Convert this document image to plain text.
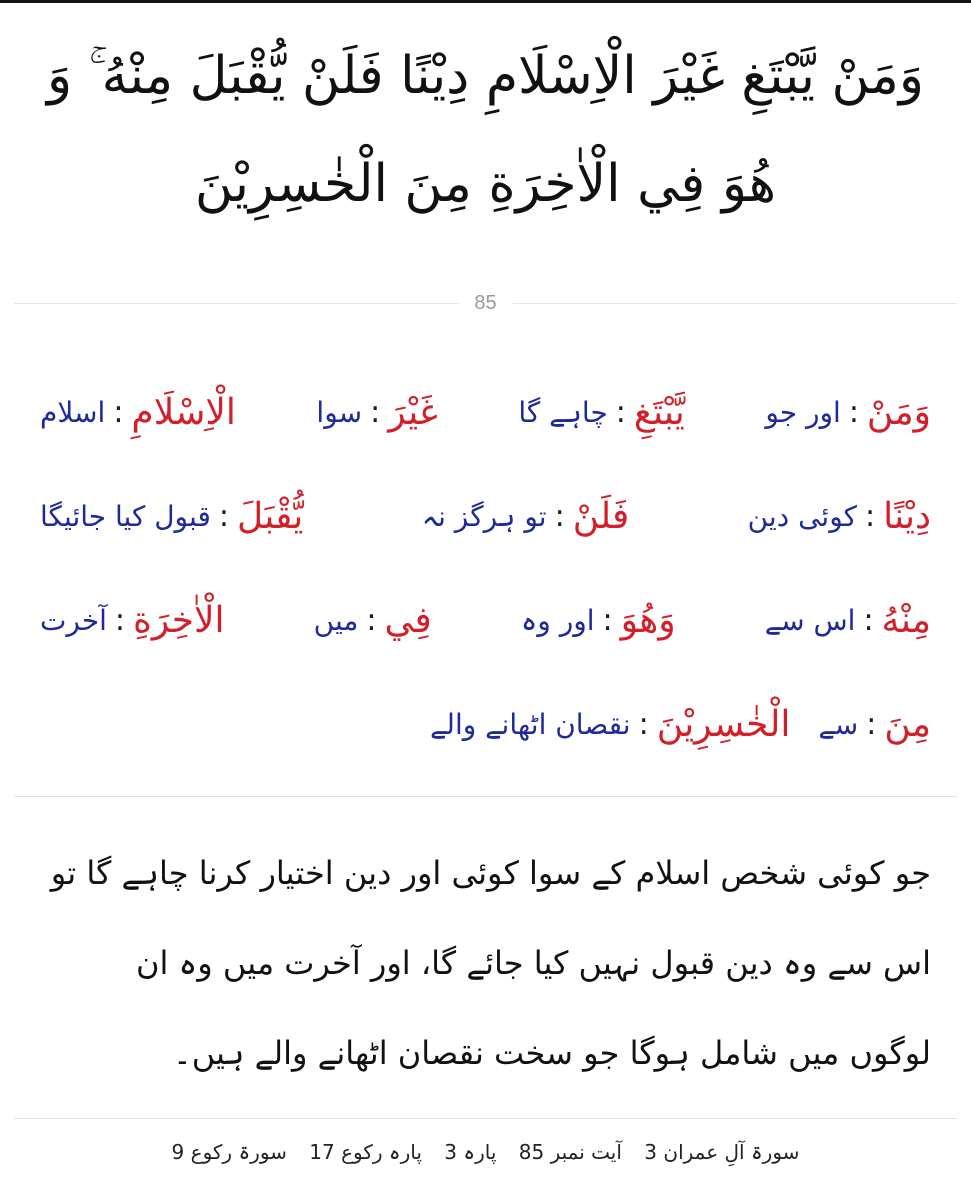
وَمَنْ يَّبْتَغِ غَيْرَ الْاِسْلَامِ دِيْنًا فَلَنْ يُّقْبَلَ مِنْهُ ۚ وَ
هُوَ فِي الْاٰخِرَةِ مِنَ الْخٰسِرِيْنَ
85
وَمَنْ
:
اور جو
يَّبْتَغِ
:
چاہے گا
غَيْرَ
:
سوا
الْاِسْلَامِ
:
اسلام
دِيْنًا
:
کوئی دین
فَلَنْ
:
تو ہرگز نہ
يُّقْبَلَ
:
قبول کیا جائیگا
مِنْهُ
:
اس سے
وَهُوَ
:
اور وہ
فِي
:
میں
الْاٰخِرَةِ
:
آخرت
مِنَ
:
سے
الْخٰسِرِيْنَ
:
نقصان اٹھانے والے
جو کوئی شخص اسلام کے سوا کوئی اور دین اختیار کرنا چاہے گا تو
اس سے وہ دین قبول نہیں کیا جائے گا، اور آخرت میں وہ ان
لوگوں میں شامل ہوگا جو سخت نقصان اٹھانے والے ہیں۔
سورۃ آلِ عمران 3 آیت نمبر 85 پارہ 3 پارہ رکوع 17 سورۃ رکوع 9
